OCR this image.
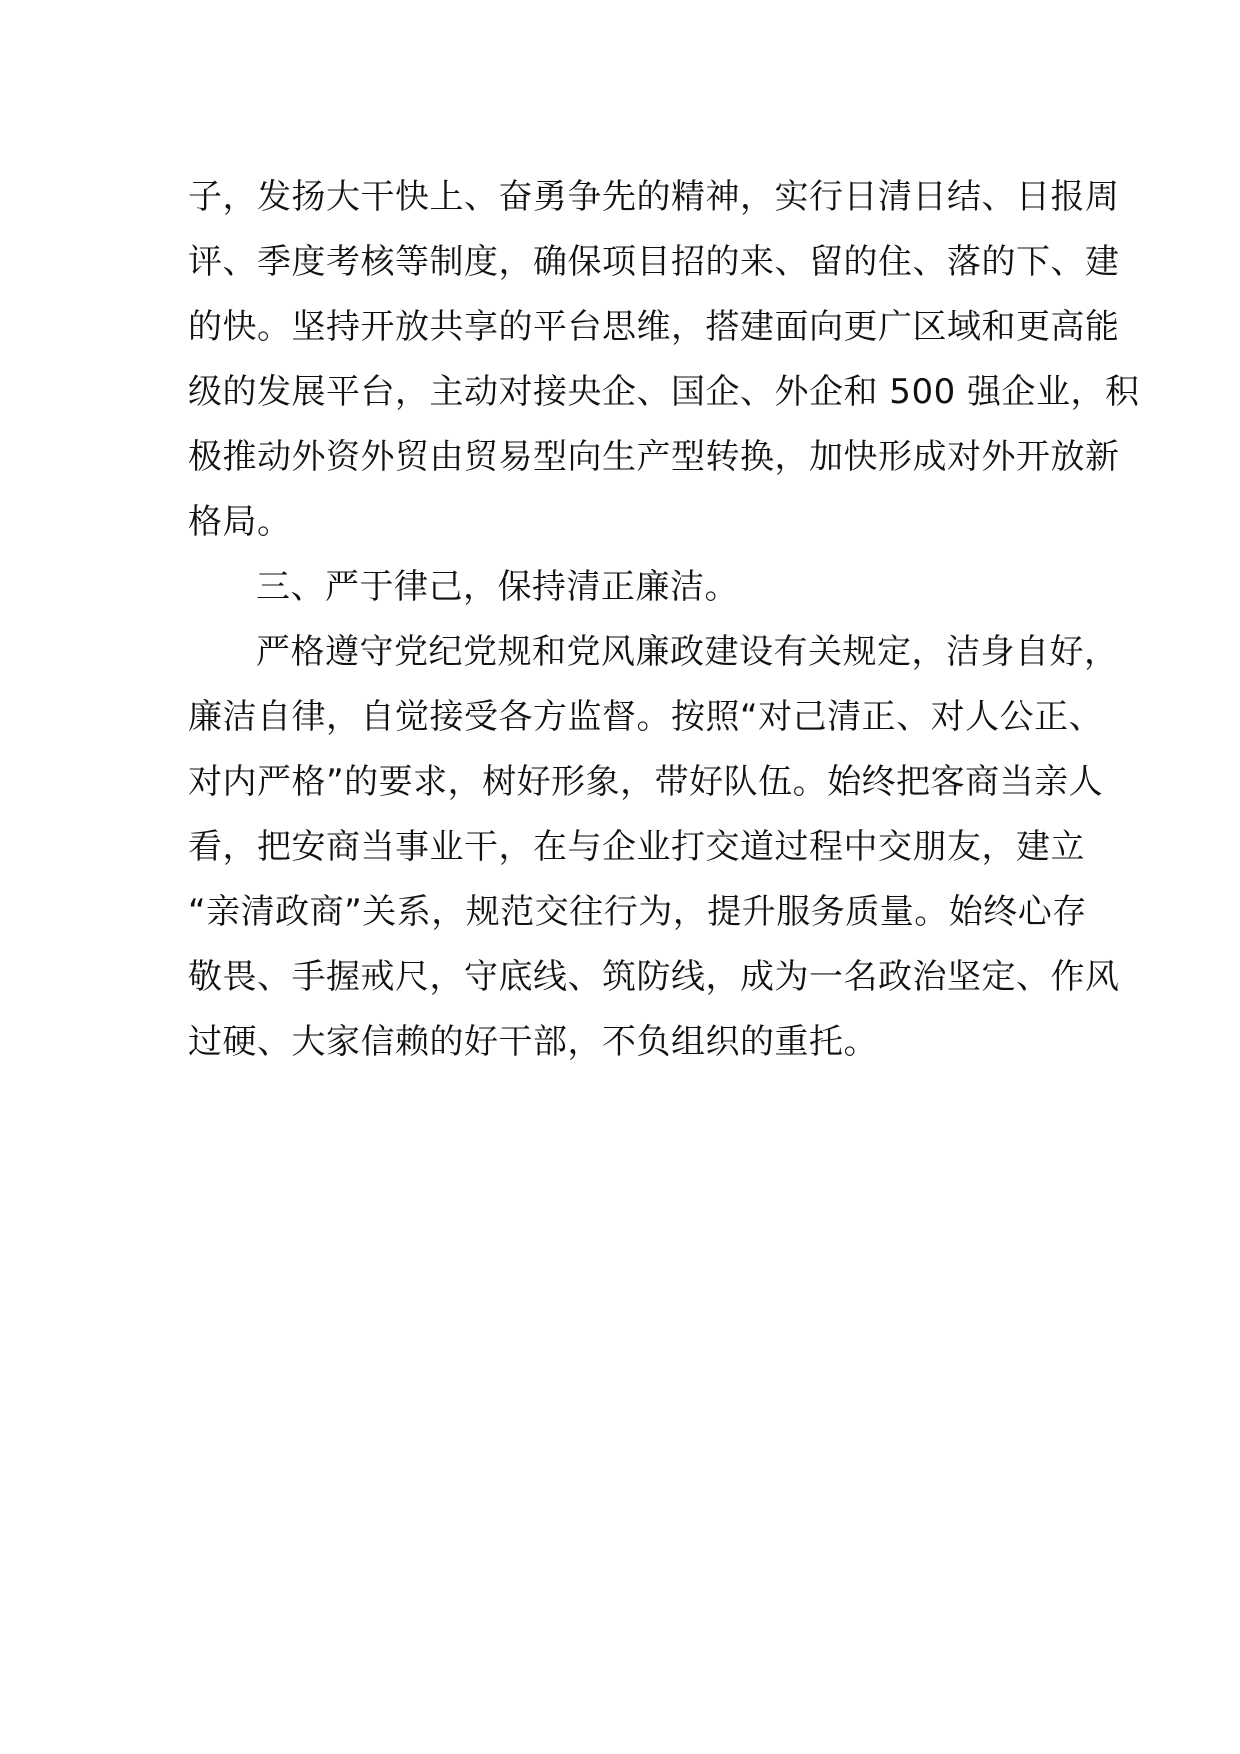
子，发扬大干快上、奋勇争先的精神，实行日清日结、日报周
评、季度考核等制度，确保项目招的来、留的住、落的下、建
的快。坚持开放共享的平台思维，搭建面向更广区域和更高能
级的发展平台，主动对接央企、国企、外企和 500 强企业，积
极推动外资外贸由贸易型向生产型转换，加快形成对外开放新
格局。
三、严于律己，保持清正廉洁。
严格遵守党纪党规和党风廉政建设有关规定，洁身自好，
廉洁自律，自觉接受各方监督。按照“对己清正、对人公正、
对内严格”的要求，树好形象，带好队伍。始终把客商当亲人
看，把安商当事业干，在与企业打交道过程中交朋友，建立
“亲清政商”关系，规范交往行为，提升服务质量。始终心存
敬畏、手握戒尺，守底线、筑防线，成为一名政治坚定、作风
过硬、大家信赖的好干部，不负组织的重托。
